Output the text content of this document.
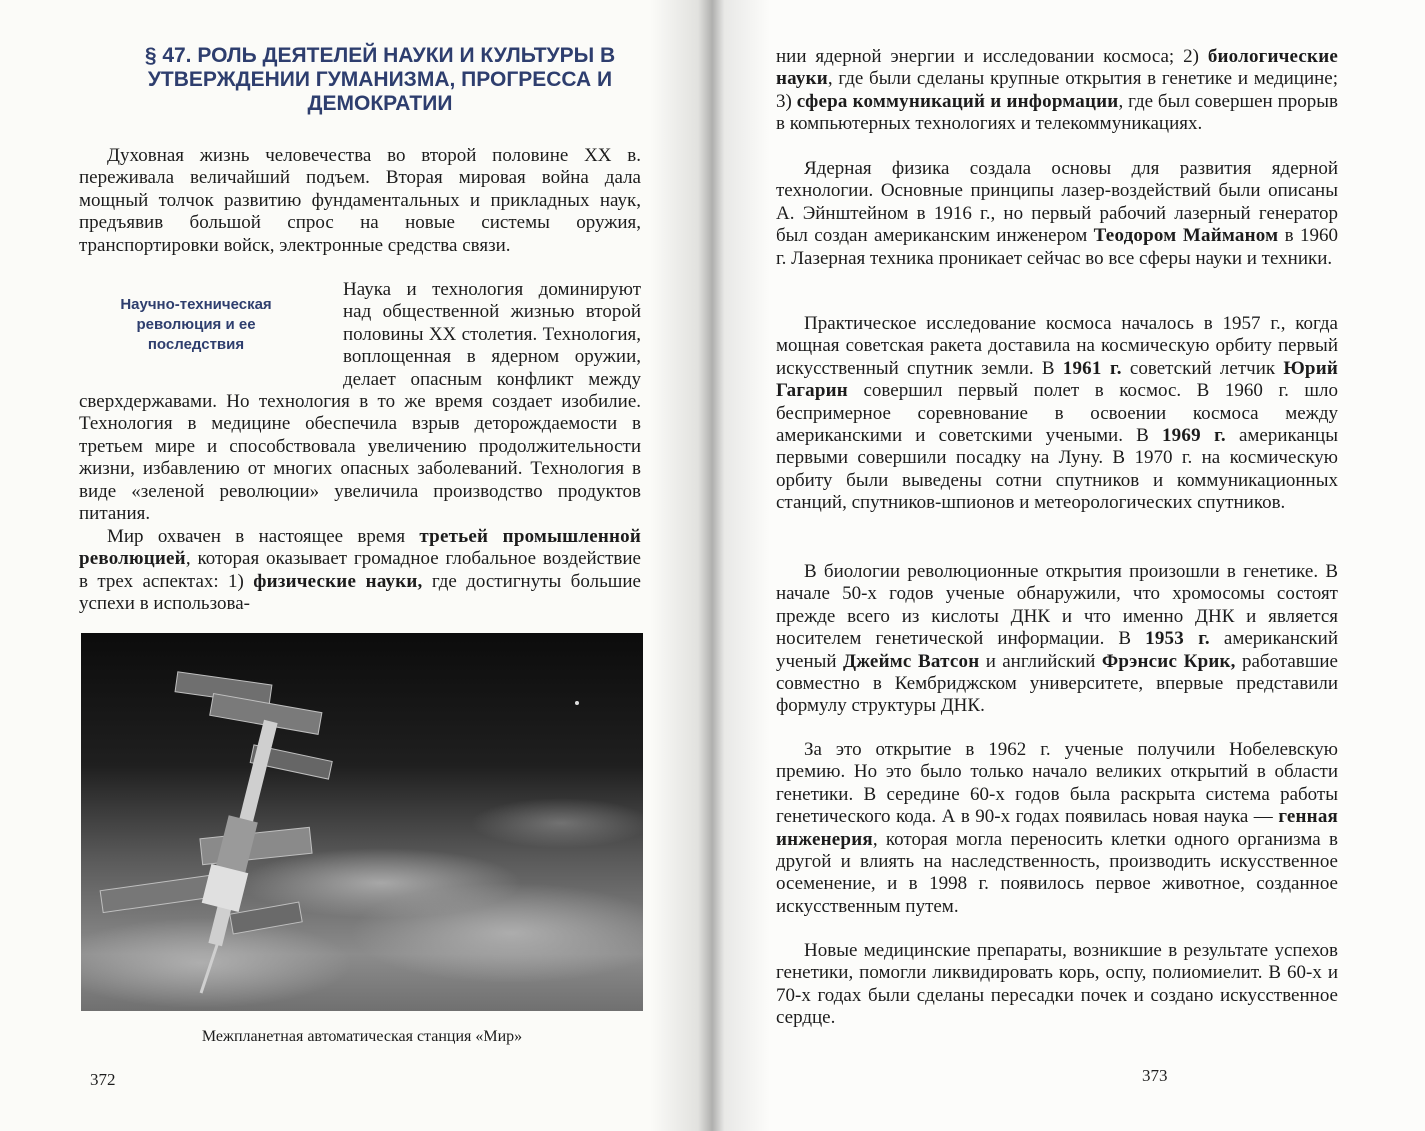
§ 47. РОЛЬ ДЕЯТЕЛЕЙ НАУКИ И КУЛЬТУРЫ В УТВЕРЖДЕНИИ ГУМАНИЗМА, ПРОГРЕССА И ДЕМОКРАТИИ

Духовная жизнь человечества во второй половине XX в. переживала величайший подъем. Вторая мировая война дала мощный толчок развитию фундаментальных и прикладных наук, предъявив большой спрос на новые системы оружия, транспортировки войск, электронные средства связи.

Научно-техническая революция и ее последствия

Наука и технология доминируют над общественной жизнью второй половины XX столетия. Технология, воплощенная в ядерном оружии, делает опасным конфликт между сверхдержавами. Но технология в то же время создает изобилие. Технология в медицине обеспечила взрыв деторождаемости в третьем мире и способствовала увеличению продолжительности жизни, избавлению от многих опасных заболеваний. Технология в виде «зеленой революции» увеличила производство продуктов питания.

Мир охвачен в настоящее время третьей промышленной революцией, которая оказывает громадное глобальное воздействие в трех аспектах: 1) физические науки, где достигнуты большие успехи в использова-

Межпланетная автоматическая станция «Мир»
372

нии ядерной энергии и исследовании космоса; 2) биологические науки, где были сделаны крупные открытия в генетике и медицине; 3) сфера коммуникаций и информации, где был совершен прорыв в компьютерных технологиях и телекоммуникациях.

Ядерная физика создала основы для развития ядерной технологии. Основные принципы лазер-воздействий были описаны А. Эйнштейном в 1916 г., но первый рабочий лазерный генератор был создан американским инженером Теодором Майманом в 1960 г. Лазерная техника проникает сейчас во все сферы науки и техники.

Практическое исследование космоса началось в 1957 г., когда мощная советская ракета доставила на космическую орбиту первый искусственный спутник земли. В 1961 г. советский летчик Юрий Гагарин совершил первый полет в космос. В 1960 г. шло беспримерное соревнование в освоении космоса между американскими и советскими учеными. В 1969 г. американцы первыми совершили посадку на Луну. В 1970 г. на космическую орбиту были выведены сотни спутников и коммуникационных станций, спутников-шпионов и метеорологических спутников.

В биологии революционные открытия произошли в генетике. В начале 50-х годов ученые обнаружили, что хромосомы состоят прежде всего из кислоты ДНК и что именно ДНК и является носителем генетической информации. В 1953 г. американский ученый Джеймс Ватсон и английский Фрэнсис Крик, работавшие совместно в Кембриджском университете, впервые представили формулу структуры ДНК.

За это открытие в 1962 г. ученые получили Нобелевскую премию. Но это было только начало великих открытий в области генетики. В середине 60-х годов была раскрыта система работы генетического кода. А в 90-х годах появилась новая наука — генная инженерия, которая могла переносить клетки одного организма в другой и влиять на наследственность, производить искусственное осеменение, и в 1998 г. появилось первое животное, созданное искусственным путем.

Новые медицинские препараты, возникшие в результате успехов генетики, помогли ликвидировать корь, оспу, полиомиелит. В 60-х и 70-х годах были сделаны пересадки почек и создано искусственное сердце.

373
